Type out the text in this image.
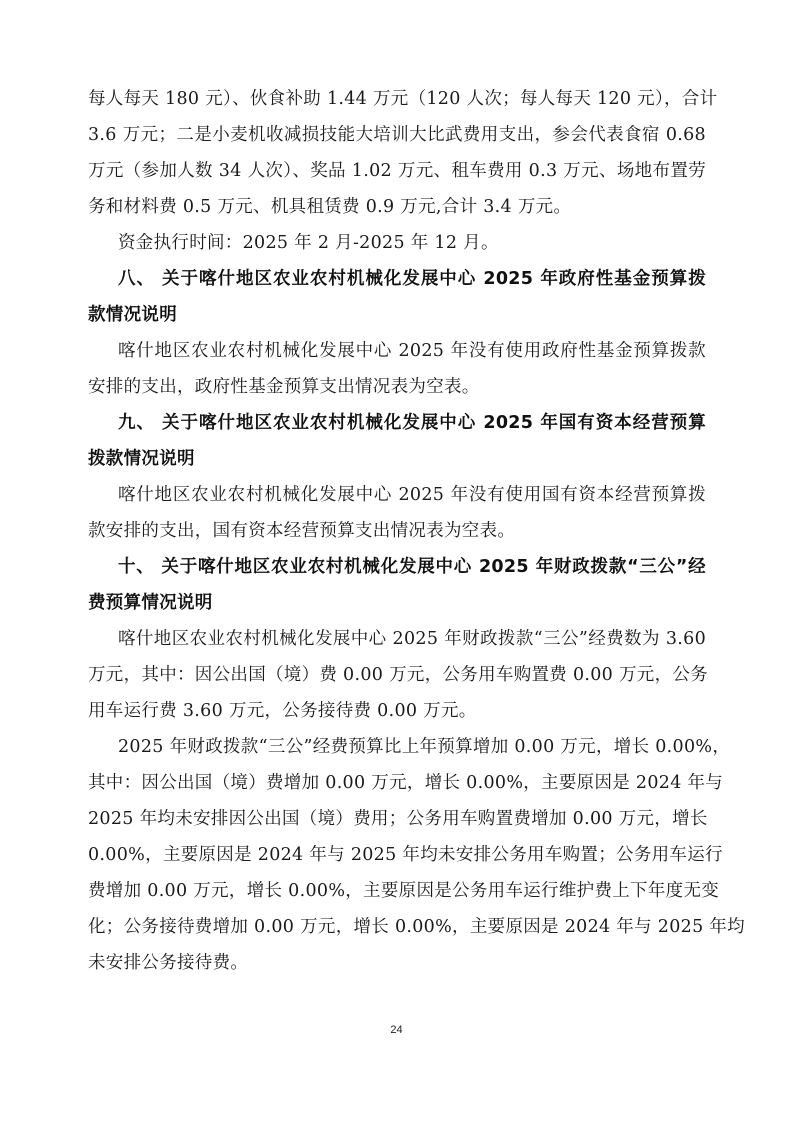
每人每天 180 元）、伙食补助 1.44 万元（120 人次；每人每天 120 元），合计
3.6 万元；二是小麦机收减损技能大培训大比武费用支出，参会代表食宿 0.68
万元（参加人数 34 人次）、奖品 1.02 万元、租车费用 0.3 万元、场地布置劳
务和材料费 0.5 万元、机具租赁费 0.9 万元,合计 3.4 万元。
资金执行时间：2025 年 2 月-2025 年 12 月。
八、 关于喀什地区农业农村机械化发展中心 2025 年政府性基金预算拨
款情况说明
喀什地区农业农村机械化发展中心 2025 年没有使用政府性基金预算拨款
安排的支出，政府性基金预算支出情况表为空表。
九、 关于喀什地区农业农村机械化发展中心 2025 年国有资本经营预算
拨款情况说明
喀什地区农业农村机械化发展中心 2025 年没有使用国有资本经营预算拨
款安排的支出，国有资本经营预算支出情况表为空表。
十、 关于喀什地区农业农村机械化发展中心 2025 年财政拨款“三公”经
费预算情况说明
喀什地区农业农村机械化发展中心 2025 年财政拨款“三公”经费数为 3.60
万元，其中：因公出国（境）费 0.00 万元，公务用车购置费 0.00 万元，公务
用车运行费 3.60 万元，公务接待费 0.00 万元。
2025 年财政拨款“三公”经费预算比上年预算增加 0.00 万元，增长 0.00%，
其中：因公出国（境）费增加 0.00 万元，增长 0.00%，主要原因是 2024 年与
2025 年均未安排因公出国（境）费用；公务用车购置费增加 0.00 万元，增长
0.00%，主要原因是 2024 年与 2025 年均未安排公务用车购置；公务用车运行
费增加 0.00 万元，增长 0.00%，主要原因是公务用车运行维护费上下年度无变
化；公务接待费增加 0.00 万元，增长 0.00%，主要原因是 2024 年与 2025 年均
未安排公务接待费。
24
